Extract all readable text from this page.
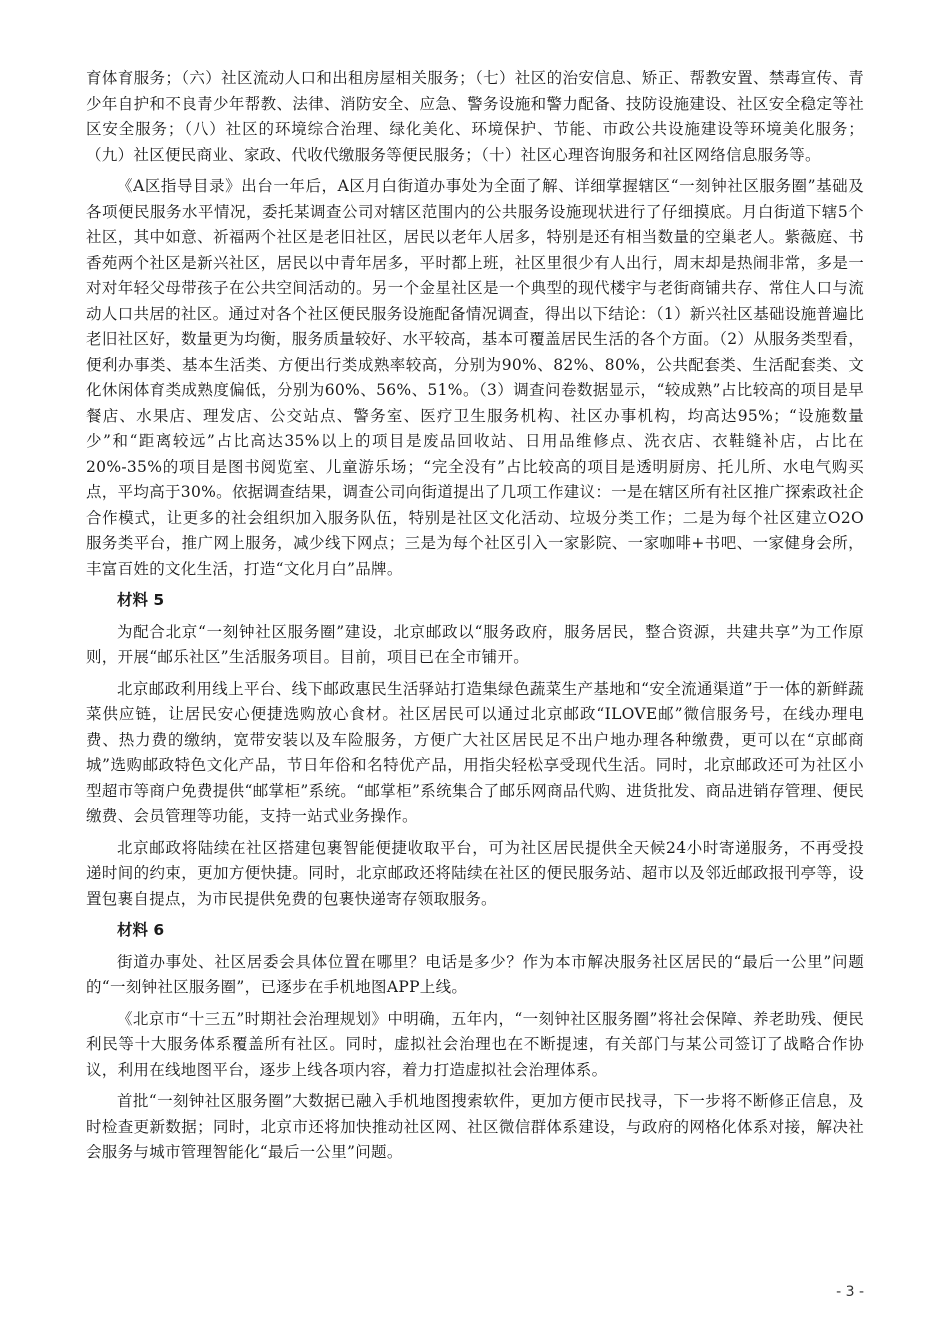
育体育服务；（六）社区流动人口和出租房屋相关服务；（七）社区的治安信息、矫正、帮教安置、禁毒宣传、青少年自护和不良青少年帮教、法律、消防安全、应急、警务设施和警力配备、技防设施建设、社区安全稳定等社区安全服务；（八）社区的环境综合治理、绿化美化、环境保护、节能、市政公共设施建设等环境美化服务；（九）社区便民商业、家政、代收代缴服务等便民服务；（十）社区心理咨询服务和社区网络信息服务等。

《A区指导目录》出台一年后，A区月白街道办事处为全面了解、详细掌握辖区“一刻钟社区服务圈”基础及各项便民服务水平情况，委托某调查公司对辖区范围内的公共服务设施现状进行了仔细摸底。月白街道下辖5个社区，其中如意、祈福两个社区是老旧社区，居民以老年人居多，特别是还有相当数量的空巢老人。紫薇庭、书香苑两个社区是新兴社区，居民以中青年居多，平时都上班，社区里很少有人出行，周末却是热闹非常，多是一对对年轻父母带孩子在公共空间活动的。另一个金星社区是一个典型的现代楼宇与老街商铺共存、常住人口与流动人口共居的社区。通过对各个社区便民服务设施配备情况调查，得出以下结论：（1）新兴社区基础设施普遍比老旧社区好，数量更为均衡，服务质量较好、水平较高，基本可覆盖居民生活的各个方面。（2）从服务类型看，便利办事类、基本生活类、方便出行类成熟率较高，分别为90%、82%、80%，公共配套类、生活配套类、文化休闲体育类成熟度偏低，分别为60%、56%、51%。（3）调查问卷数据显示，“较成熟”占比较高的项目是早餐店、水果店、理发店、公交站点、警务室、医疗卫生服务机构、社区办事机构，均高达95%；“设施数量少”和“距离较远”占比高达35%以上的项目是废品回收站、日用品维修点、洗衣店、衣鞋缝补店，占比在20%-35%的项目是图书阅览室、儿童游乐场；“完全没有”占比较高的项目是透明厨房、托儿所、水电气购买点，平均高于30%。依据调查结果，调查公司向街道提出了几项工作建议：一是在辖区所有社区推广探索政社企合作模式，让更多的社会组织加入服务队伍，特别是社区文化活动、垃圾分类工作；二是为每个社区建立O2O服务类平台，推广网上服务，减少线下网点；三是为每个社区引入一家影院、一家咖啡+书吧、一家健身会所，丰富百姓的文化生活，打造“文化月白”品牌。

材料 5

为配合北京“一刻钟社区服务圈”建设，北京邮政以“服务政府，服务居民，整合资源，共建共享”为工作原则，开展“邮乐社区”生活服务项目。目前，项目已在全市铺开。

北京邮政利用线上平台、线下邮政惠民生活驿站打造集绿色蔬菜生产基地和“安全流通渠道”于一体的新鲜蔬菜供应链，让居民安心便捷选购放心食材。社区居民可以通过北京邮政“ILOVE邮”微信服务号，在线办理电费、热力费的缴纳，宽带安装以及车险服务，方便广大社区居民足不出户地办理各种缴费，更可以在“京邮商城”选购邮政特色文化产品，节日年俗和名特优产品，用指尖轻松享受现代生活。同时，北京邮政还可为社区小型超市等商户免费提供“邮掌柜”系统。“邮掌柜”系统集合了邮乐网商品代购、进货批发、商品进销存管理、便民缴费、会员管理等功能，支持一站式业务操作。

北京邮政将陆续在社区搭建包裹智能便捷收取平台，可为社区居民提供全天候24小时寄递服务，不再受投递时间的约束，更加方便快捷。同时，北京邮政还将陆续在社区的便民服务站、超市以及邻近邮政报刊亭等，设置包裹自提点，为市民提供免费的包裹快递寄存领取服务。

材料 6

街道办事处、社区居委会具体位置在哪里？电话是多少？作为本市解决服务社区居民的“最后一公里”问题的“一刻钟社区服务圈”，已逐步在手机地图APP上线。

《北京市“十三五”时期社会治理规划》中明确，五年内，“一刻钟社区服务圈”将社会保障、养老助残、便民利民等十大服务体系覆盖所有社区。同时，虚拟社会治理也在不断提速，有关部门与某公司签订了战略合作协议，利用在线地图平台，逐步上线各项内容，着力打造虚拟社会治理体系。

首批“一刻钟社区服务圈”大数据已融入手机地图搜索软件，更加方便市民找寻，下一步将不断修正信息，及时检查更新数据；同时，北京市还将加快推动社区网、社区微信群体系建设，与政府的网格化体系对接，解决社会服务与城市管理智能化“最后一公里”问题。

- 3 -
